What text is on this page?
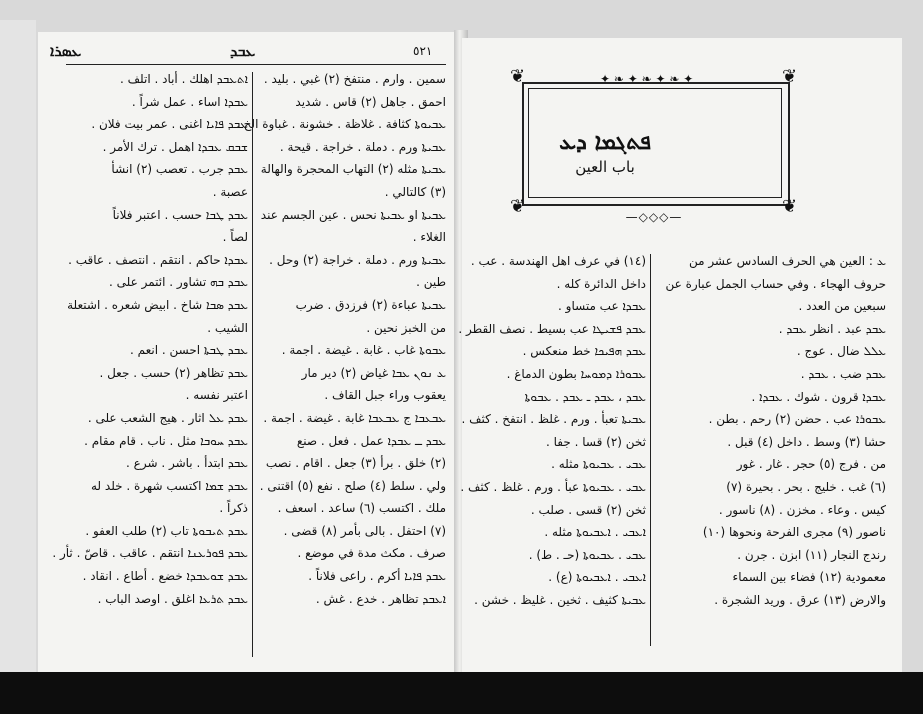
ܥܣܪܐ	ܥܒܕ	٥٢١
سمين . وارم . منتفخ (٢) غبي . بليد .
احمق . جاهل (٢) قاس . شديد
ܥܒܝܘܬܐ كثافة . غلاظة . خشونة . غباوة الخ .
ܥܒܝܬܐ ورم . دملة . خراجة . قيحة .
ܥܒܝܬܐ مثله (٢) التهاب المحجرة والهالة
(٣) كالتالي .
ܥܒܝܬܐ او ܥܒܝܬܐ نحس . عين الجسم عند
الغلاء .
ܥܒܝܬܐ ورم . دملة . خراجة (٢) وحل .
طين .
ܥܒܝܬܐ عباءة (٢) فرزدق . ضرب
من الخبز نحين .
ܥܒܘܬܐ غاب . غابة . غيضة . اجمة .
ܥ ܢܘܢ ܥܒܐ غياض (٢) دير مار
يعقوب وراء جبل القاف .
ܥܒܥܒܐ ج ܥܒܥܒܐ غابة . غيضة . اجمة .
ܥܒܕ ــ ܥܒܕܐ عمل . فعل . صنع
(٢) خلق . برأ (٣) جعل . اقام . نصب
ولي . سلط (٤) صلح . نفع (٥) اقتنى .
ملك . اكتسب (٦) ساعد . اسعف .
(٧) احتفل . بالى بأمر (٨) قضى .
صرف . مكث مدة في موضع .
ܥܒܕ ܦܐܝܐ أكرم . راعى فلاناً .
ܐܥܒܕ تظاهر . خدع . غش .
ܐܬܥܒܕ اهلك . أباد . اتلف .
ܥܒܕܐ اساء . عمل شراً .
ܥܒܕ ܦܐܝܐ اغنى . عمر بيت فلان .
ܫܒܩ ܥܒܕܐ اهمل . ترك الأمر .
ܥܒܕ جرب . تعصب (٢) انشأ
عصبة .
ܥܒܕ ܛܒܐ حسب . اعتبر فلاناً
لصاً .
ܥܒܕܐ حاكم . انتقم . انتصف . عاقب .
ܥܒܕ ܒܗ تشاور . ائتمر على .
ܥܒܕ ܣܒܐ شاخ . ابيض شعره . اشتعلة
الشيب .
ܥܒܕ ܛܒܬܐ احسن . انعم .
ܥܒܕ تظاهر (٢) حسب . جعل .
اعتبر نفسه .
ܥܒܕ ܥܠ اثار . هيج الشعب على .
ܥܒܕ ܚܘܒܐ مثل . ناب . قام مقام .
ܥܒܕ ابتدأ . باشر . شرع .
ܥܒܕ ܫܡܐ اكتسب شهرة . خلد له
ذكراً .
ܥܒܕ ܬܝܒܘܬܐ تاب (٢) طلب العفو .
ܥܒܕ ܦܘܪܥܢܐ انتقم . عاقب . قاصّ . ثأر .
ܥܒܕ ܫܘܥܒܕܐ خضع . أطاع . انقاد .
ܥܒܕ ܬܪܥܐ اغلق . اوصد الباب .
❦	❦
❦	❦
✦ ❧ ✦ ❧ ✦ ❧ ✦
ܦܬܓܡܐ ܕܥ
باب العين
—◇◇◇—
ܥ : العين هي الحرف السادس عشر من
حروف الهجاء . وفي حساب الجمل عبارة عن
سبعين من العدد .
ܥܒܕ عبد . انظر ܥܒܕ .
ܥܠܠ ضال . عوج .
ܥܒܕ ضب . ܥܒܕ .
ܥܒܕܐ قرون . شوك . ܥܒܕܐ .
ܥܒܘܪܐ عب . حضن (٢) رحم . بطن .
حشا (٣) وسط . داخل (٤) قبل .
من . فرج (٥) حجر . غار . غور
(٦) غب . خليج . بحر . بحيرة (٧)
كيس . وعاء . مخزن . (٨) ناسور .
ناصور (٩) مجرى الفرحة ونحوها (١٠)
رندج النجار (١١) ابزن . جرن .
معمودية (١٢) فضاء بين السماء
والارض (١٣) عرق . وريد الشجرة .
(١٤) في عرف اهل الهندسة . عب .
داخل الدائرة كله .
ܥܒܕܐ عب متساو .
ܥܒܕ ܦܫܝܛܐ عب بسيط . نصف القطر .
ܥܒܕ ܗܦܝܟܐ خط منعكس .
ܥܒܘܪܐ ܕܡܘܚܐ بطون الدماغ .
ܥܒܕ ، ܥܒܕ ـ ܥܒܕ . ܥܒܘܬܐ
ܥܒܝܬܐ تعبأ . ورم . غلظ . انتفخ . كثف .
ثخن (٢) قسا . جفا .
ܥܒܝ . ܥܒܝܘܬܐ مثله .
ܥܒܝ . ܥܒܝܘܬܐ عبأ . ورم . غلظ . كثف .
ثخن (٢) قسى . صلب .
ܐܥܒܝ . ܐܥܒܝܘܬܐ مثله .
ܥܒܝ . ܥܒܝܘܬܐ (حـ . ط) .
ܐܥܒܝ . ܐܥܒܝܘܬܐ (ع) .
ܥܒܝܬܐ كثيف . ثخين . غليظ . خشن .
